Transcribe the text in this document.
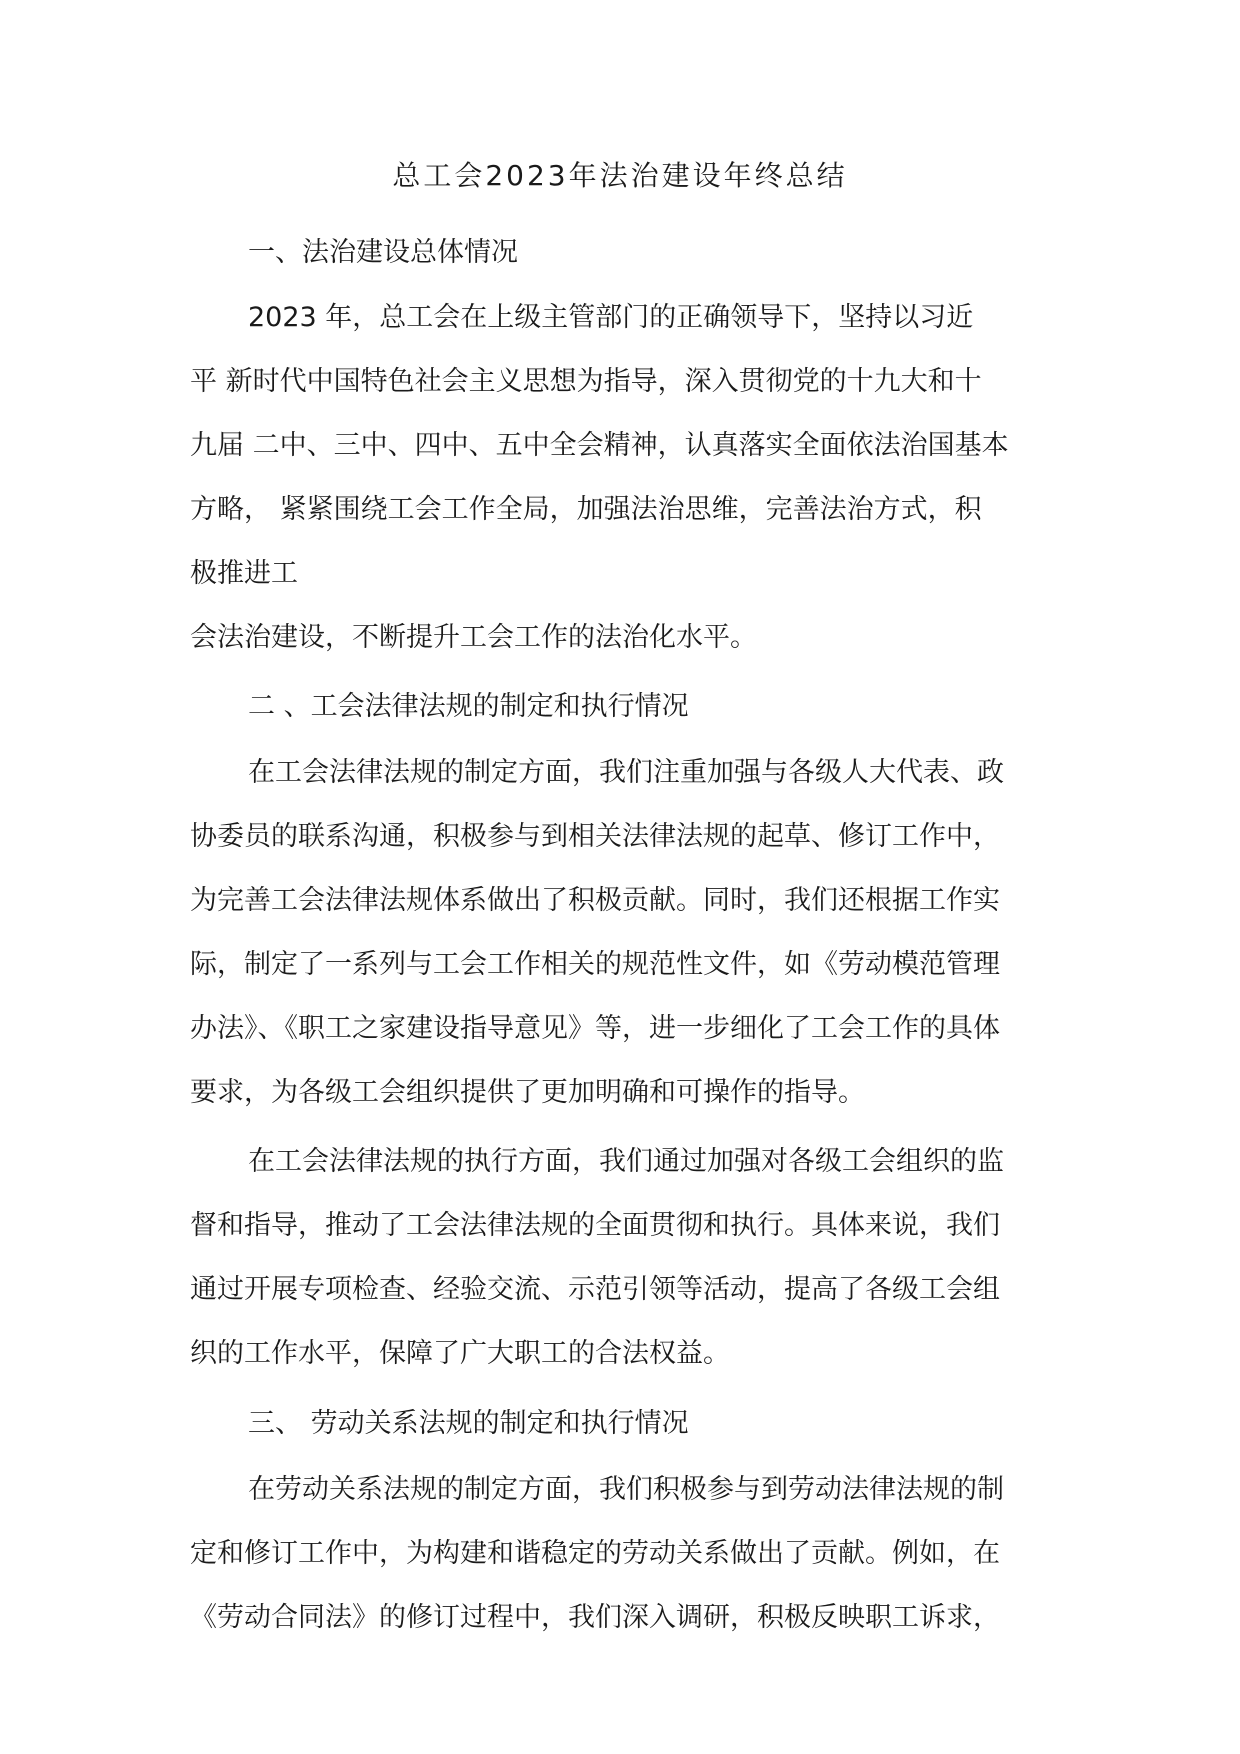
总工会2023年法治建设年终总结
一、法治建设总体情况
2023 年，总工会在上级主管部门的正确领导下，坚持以习近
平 新时代中国特色社会主义思想为指导，深入贯彻党的十九大和十
九届 二中、三中、四中、五中全会精神，认真落实全面依法治国基本
方略， 紧紧围绕工会工作全局，加强法治思维，完善法治方式，积
极推进工
会法治建设，不断提升工会工作的法治化水平。
二 、工会法律法规的制定和执行情况
在工会法律法规的制定方面，我们注重加强与各级人大代表、政
协委员的联系沟通，积极参与到相关法律法规的起草、修订工作中，
为完善工会法律法规体系做出了积极贡献。同时，我们还根据工作实
际，制定了一系列与工会工作相关的规范性文件，如《劳动模范管理
办法》、《职工之家建设指导意见》等，进一步细化了工会工作的具体
要求，为各级工会组织提供了更加明确和可操作的指导。
在工会法律法规的执行方面，我们通过加强对各级工会组织的监
督和指导，推动了工会法律法规的全面贯彻和执行。具体来说，我们
通过开展专项检查、经验交流、示范引领等活动，提高了各级工会组
织的工作水平，保障了广大职工的合法权益。
三、 劳动关系法规的制定和执行情况
在劳动关系法规的制定方面，我们积极参与到劳动法律法规的制
定和修订工作中，为构建和谐稳定的劳动关系做出了贡献。例如，在
《劳动合同法》的修订过程中，我们深入调研，积极反映职工诉求，
